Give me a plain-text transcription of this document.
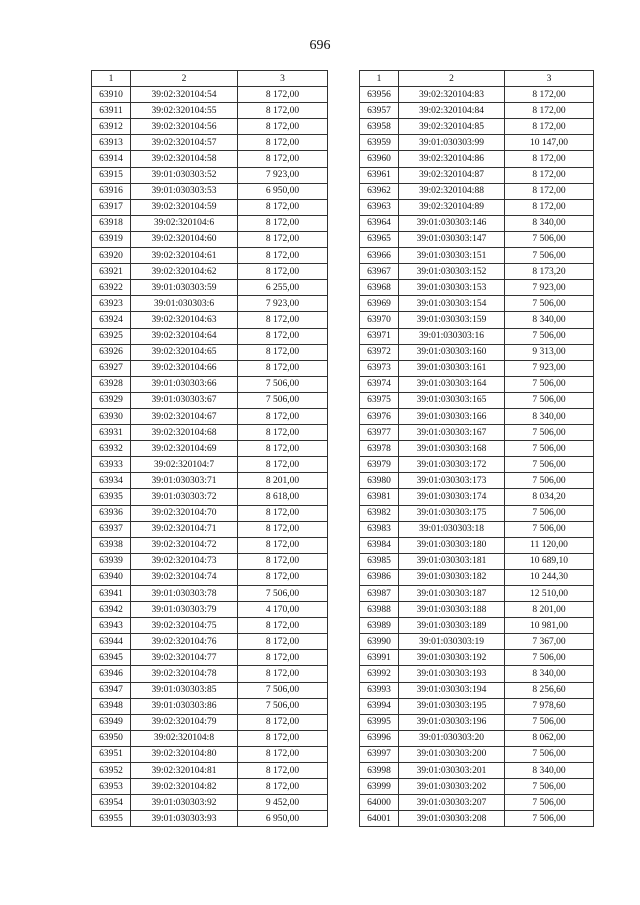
696
1	2	3
63910	39:02:320104:54	8 172,00
63911	39:02:320104:55	8 172,00
63912	39:02:320104:56	8 172,00
63913	39:02:320104:57	8 172,00
63914	39:02:320104:58	8 172,00
63915	39:01:030303:52	7 923,00
63916	39:01:030303:53	6 950,00
63917	39:02:320104:59	8 172,00
63918	39:02:320104:6	8 172,00
63919	39:02:320104:60	8 172,00
63920	39:02:320104:61	8 172,00
63921	39:02:320104:62	8 172,00
63922	39:01:030303:59	6 255,00
63923	39:01:030303:6	7 923,00
63924	39:02:320104:63	8 172,00
63925	39:02:320104:64	8 172,00
63926	39:02:320104:65	8 172,00
63927	39:02:320104:66	8 172,00
63928	39:01:030303:66	7 506,00
63929	39:01:030303:67	7 506,00
63930	39:02:320104:67	8 172,00
63931	39:02:320104:68	8 172,00
63932	39:02:320104:69	8 172,00
63933	39:02:320104:7	8 172,00
63934	39:01:030303:71	8 201,00
63935	39:01:030303:72	8 618,00
63936	39:02:320104:70	8 172,00
63937	39:02:320104:71	8 172,00
63938	39:02:320104:72	8 172,00
63939	39:02:320104:73	8 172,00
63940	39:02:320104:74	8 172,00
63941	39:01:030303:78	7 506,00
63942	39:01:030303:79	4 170,00
63943	39:02:320104:75	8 172,00
63944	39:02:320104:76	8 172,00
63945	39:02:320104:77	8 172,00
63946	39:02:320104:78	8 172,00
63947	39:01:030303:85	7 506,00
63948	39:01:030303:86	7 506,00
63949	39:02:320104:79	8 172,00
63950	39:02:320104:8	8 172,00
63951	39:02:320104:80	8 172,00
63952	39:02:320104:81	8 172,00
63953	39:02:320104:82	8 172,00
63954	39:01:030303:92	9 452,00
63955	39:01:030303:93	6 950,00
1	2	3
63956	39:02:320104:83	8 172,00
63957	39:02:320104:84	8 172,00
63958	39:02:320104:85	8 172,00
63959	39:01:030303:99	10 147,00
63960	39:02:320104:86	8 172,00
63961	39:02:320104:87	8 172,00
63962	39:02:320104:88	8 172,00
63963	39:02:320104:89	8 172,00
63964	39:01:030303:146	8 340,00
63965	39:01:030303:147	7 506,00
63966	39:01:030303:151	7 506,00
63967	39:01:030303:152	8 173,20
63968	39:01:030303:153	7 923,00
63969	39:01:030303:154	7 506,00
63970	39:01:030303:159	8 340,00
63971	39:01:030303:16	7 506,00
63972	39:01:030303:160	9 313,00
63973	39:01:030303:161	7 923,00
63974	39:01:030303:164	7 506,00
63975	39:01:030303:165	7 506,00
63976	39:01:030303:166	8 340,00
63977	39:01:030303:167	7 506,00
63978	39:01:030303:168	7 506,00
63979	39:01:030303:172	7 506,00
63980	39:01:030303:173	7 506,00
63981	39:01:030303:174	8 034,20
63982	39:01:030303:175	7 506,00
63983	39:01:030303:18	7 506,00
63984	39:01:030303:180	11 120,00
63985	39:01:030303:181	10 689,10
63986	39:01:030303:182	10 244,30
63987	39:01:030303:187	12 510,00
63988	39:01:030303:188	8 201,00
63989	39:01:030303:189	10 981,00
63990	39:01:030303:19	7 367,00
63991	39:01:030303:192	7 506,00
63992	39:01:030303:193	8 340,00
63993	39:01:030303:194	8 256,60
63994	39:01:030303:195	7 978,60
63995	39:01:030303:196	7 506,00
63996	39:01:030303:20	8 062,00
63997	39:01:030303:200	7 506,00
63998	39:01:030303:201	8 340,00
63999	39:01:030303:202	7 506,00
64000	39:01:030303:207	7 506,00
64001	39:01:030303:208	7 506,00
